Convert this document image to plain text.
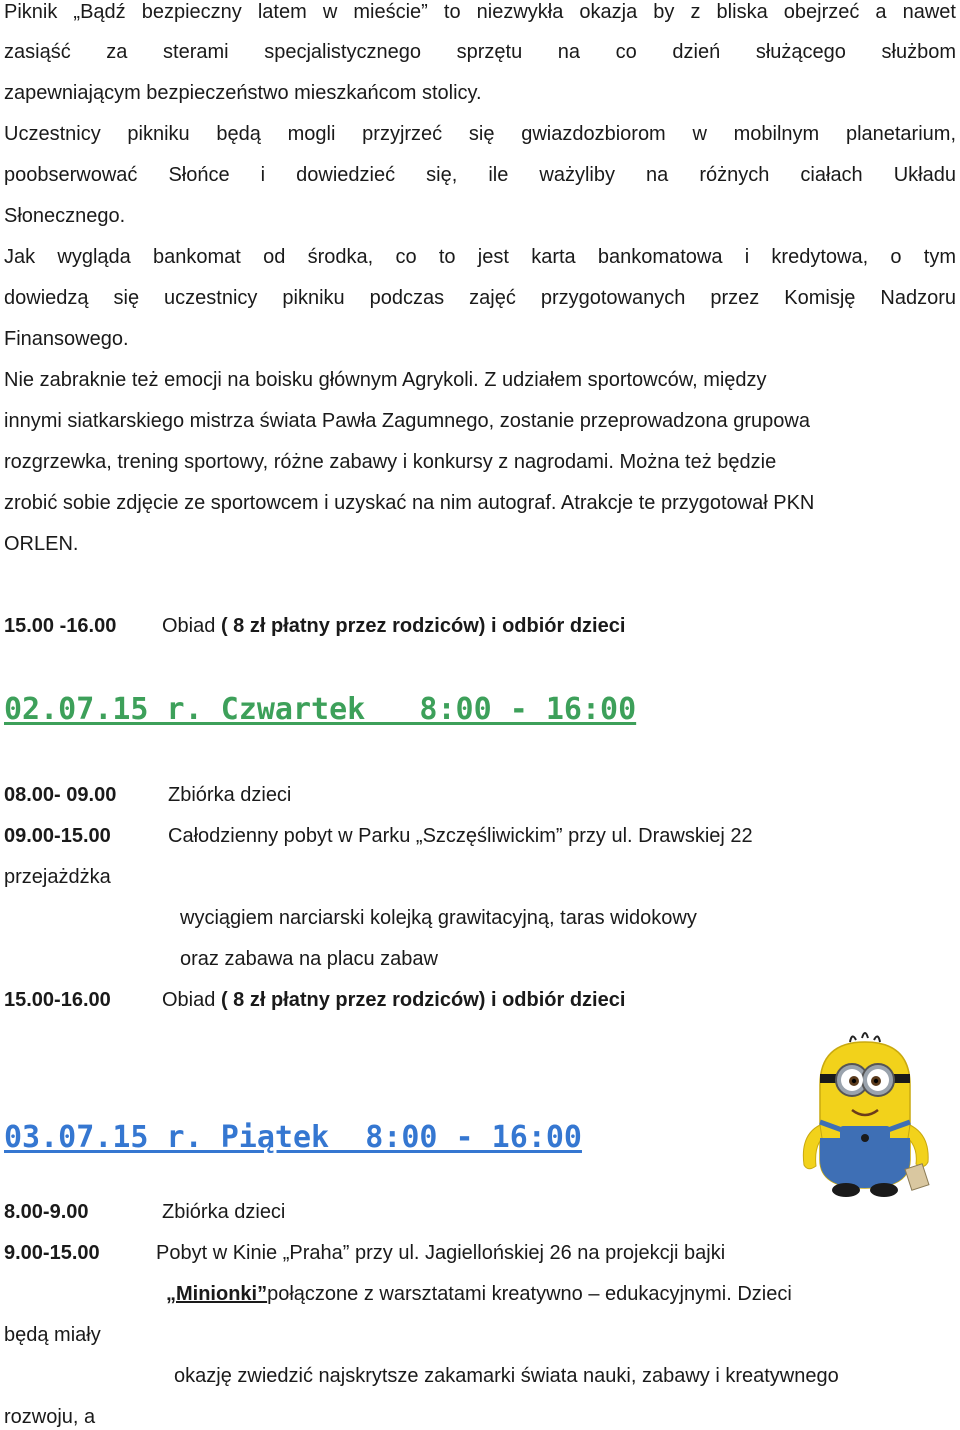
Piknik „Bądź bezpieczny latem w mieście” to niezwykła okazja by z bliska obejrzeć a nawet
zasiąść za sterami specjalistycznego sprzętu na co dzień służącego służbom
zapewniającym bezpieczeństwo mieszkańcom stolicy.
Uczestnicy pikniku będą mogli przyjrzeć się gwiazdozbiorom w mobilnym planetarium,
poobserwować Słońce i dowiedzieć się, ile ważyliby na różnych ciałach Układu
Słonecznego.
Jak wygląda bankomat od środka, co to jest karta bankomatowa i kredytowa, o tym
dowiedzą się uczestnicy pikniku podczas zajęć przygotowanych przez Komisję Nadzoru
Finansowego.
Nie zabraknie też emocji na boisku głównym Agrykoli. Z udziałem sportowców, między
innymi siatkarskiego mistrza świata Pawła Zagumnego, zostanie przeprowadzona grupowa
rozgrzewka, trening sportowy, różne zabawy i konkursy z nagrodami. Można też będzie
zrobić sobie zdjęcie ze sportowcem i uzyskać na nim autograf. Atrakcje te przygotował PKN
ORLEN.
15.00 -16.00 Obiad ( 8 zł płatny przez rodziców) i odbiór dzieci
02.07.15 r. Czwartek   8:00 - 16:00
08.00- 09.00	Zbiórka dzieci
09.00-15.00	Całodzienny pobyt w Parku „Szczęśliwickim” przy ul. Drawskiej 22
przejażdżka
wyciągiem narciarski kolejką grawitacyjną, taras widokowy
oraz zabawa na placu zabaw
15.00-16.00	Obiad ( 8 zł płatny przez rodziców) i odbiór dzieci
03.07.15 r. Piątek  8:00 - 16:00
8.00-9.00	Zbiórka dzieci
9.00-15.00	Pobyt w Kinie „Praha” przy ul. Jagiellońskiej 26 na projekcji bajki
„Minionki”połączone z warsztatami kreatywno – edukacyjnymi. Dzieci
będą miały
okazję zwiedzić najskrytsze zakamarki świata nauki, zabawy i kreatywnego
rozwoju, a
